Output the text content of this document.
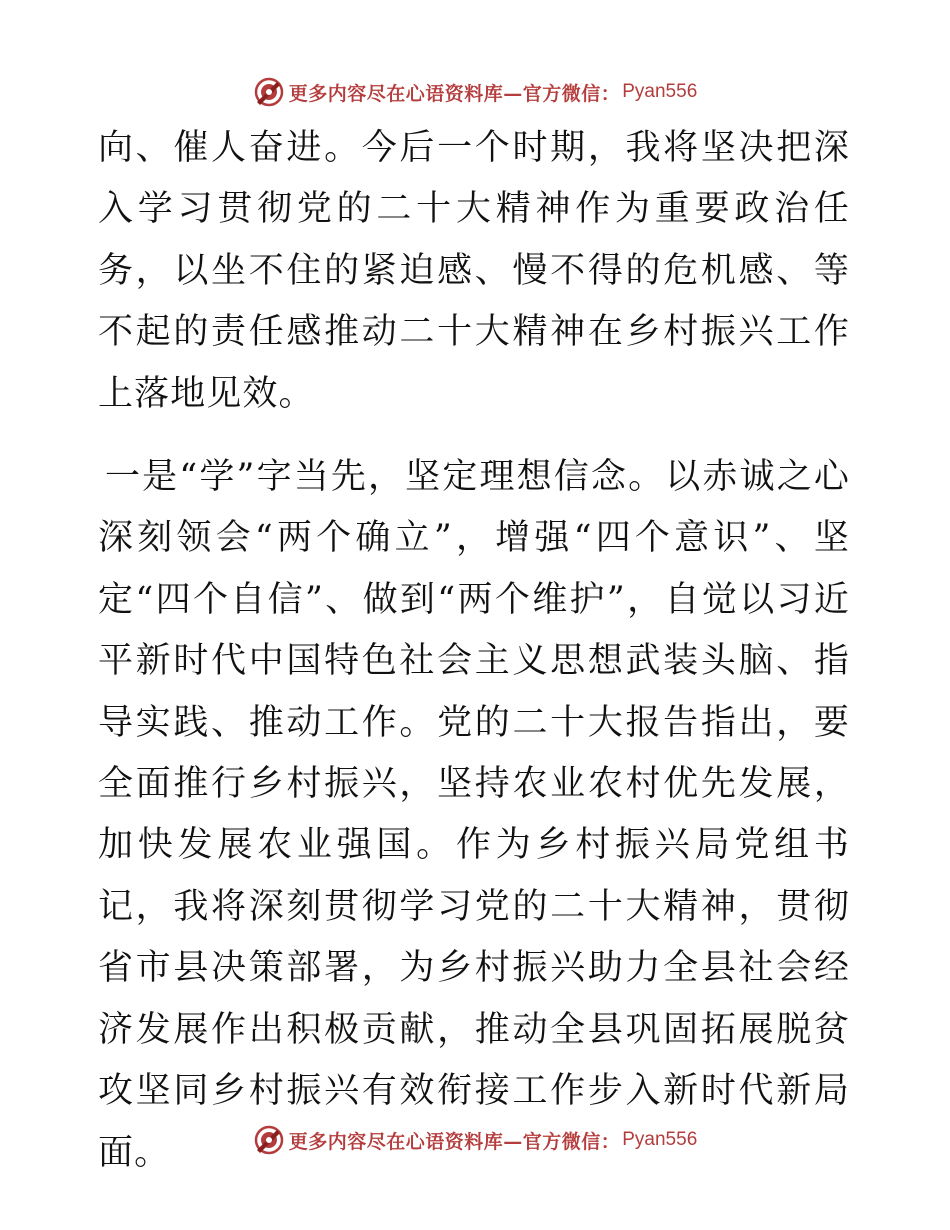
更多内容尽在心语资料库—官方微信： Pyan556

向、催人奋进。今后一个时期，我将坚决把深入学习贯彻党的二十大精神作为重要政治任务，以坐不住的紧迫感、慢不得的危机感、等不起的责任感推动二十大精神在乡村振兴工作上落地见效。

一是“学”字当先，坚定理想信念。以赤诚之心深刻领会“两个确立”，增强“四个意识”、坚定“四个自信”、做到“两个维护”，自觉以习近平新时代中国特色社会主义思想武装头脑、指导实践、推动工作。党的二十大报告指出，要全面推行乡村振兴，坚持农业农村优先发展，加快发展农业强国。作为乡村振兴局党组书记，我将深刻贯彻学习党的二十大精神，贯彻省市县决策部署，为乡村振兴助力全县社会经济发展作出积极贡献，推动全县巩固拓展脱贫攻坚同乡村振兴有效衔接工作步入新时代新局面。	更多内容尽在心语资料库—官方微信： Pyan556
